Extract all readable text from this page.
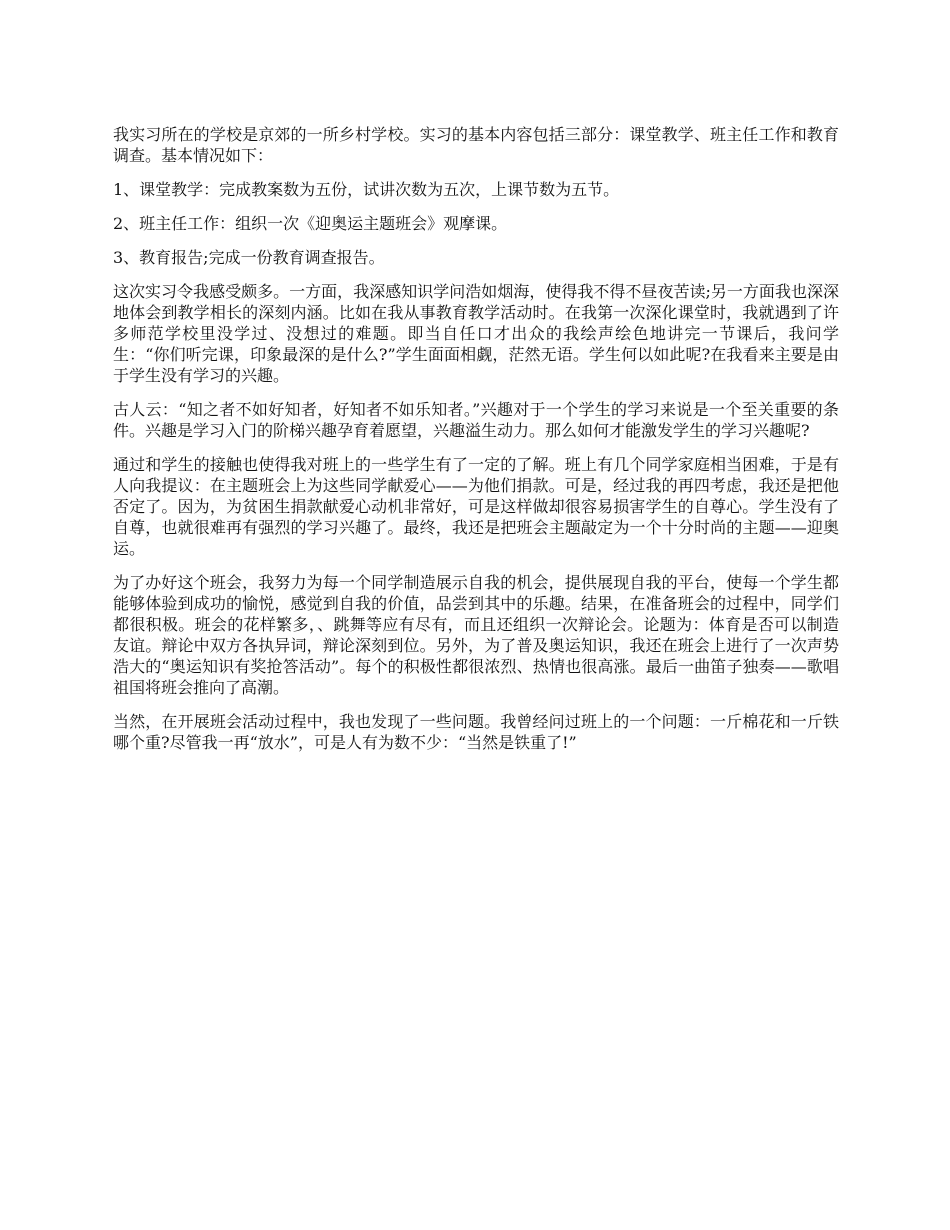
我实习所在的学校是京郊的一所乡村学校。实习的基本内容包括三部分：课堂教学、班主任工作和教育调查。基本情况如下：

1、课堂教学：完成教案数为五份，试讲次数为五次，上课节数为五节。

2、班主任工作：组织一次《迎奥运主题班会》观摩课。

3、教育报告;完成一份教育调查报告。

这次实习令我感受颇多。一方面，我深感知识学问浩如烟海，使得我不得不昼夜苦读;另一方面我也深深地体会到教学相长的深刻内涵。比如在我从事教育教学活动时。在我第一次深化课堂时，我就遇到了许多师范学校里没学过、没想过的难题。即当自任口才出众的我绘声绘色地讲完一节课后，我问学生：“你们听完课，印象最深的是什么?”学生面面相觑，茫然无语。学生何以如此呢?在我看来主要是由于学生没有学习的兴趣。

古人云：“知之者不如好知者，好知者不如乐知者。”兴趣对于一个学生的学习来说是一个至关重要的条件。兴趣是学习入门的阶梯兴趣孕育着愿望，兴趣溢生动力。那么如何才能激发学生的学习兴趣呢?

通过和学生的接触也使得我对班上的一些学生有了一定的了解。班上有几个同学家庭相当困难，于是有人向我提议：在主题班会上为这些同学献爱心——为他们捐款。可是，经过我的再四考虑，我还是把他否定了。因为，为贫困生捐款献爱心动机非常好，可是这样做却很容易损害学生的自尊心。学生没有了自尊，也就很难再有强烈的学习兴趣了。最终，我还是把班会主题敲定为一个十分时尚的主题——迎奥运。

为了办好这个班会，我努力为每一个同学制造展示自我的机会，提供展现自我的平台，使每一个学生都能够体验到成功的愉悦，感觉到自我的价值，品尝到其中的乐趣。结果，在准备班会的过程中，同学们都很积极。班会的花样繁多，、跳舞等应有尽有，而且还组织一次辩论会。论题为：体育是否可以制造友谊。辩论中双方各执异词，辩论深刻到位。另外，为了普及奥运知识，我还在班会上进行了一次声势浩大的“奥运知识有奖抢答活动”。每个的积极性都很浓烈、热情也很高涨。最后一曲笛子独奏——歌唱祖国将班会推向了高潮。

当然，在开展班会活动过程中，我也发现了一些问题。我曾经问过班上的一个问题：一斤棉花和一斤铁哪个重?尽管我一再“放水”，可是人有为数不少：“当然是铁重了!”
